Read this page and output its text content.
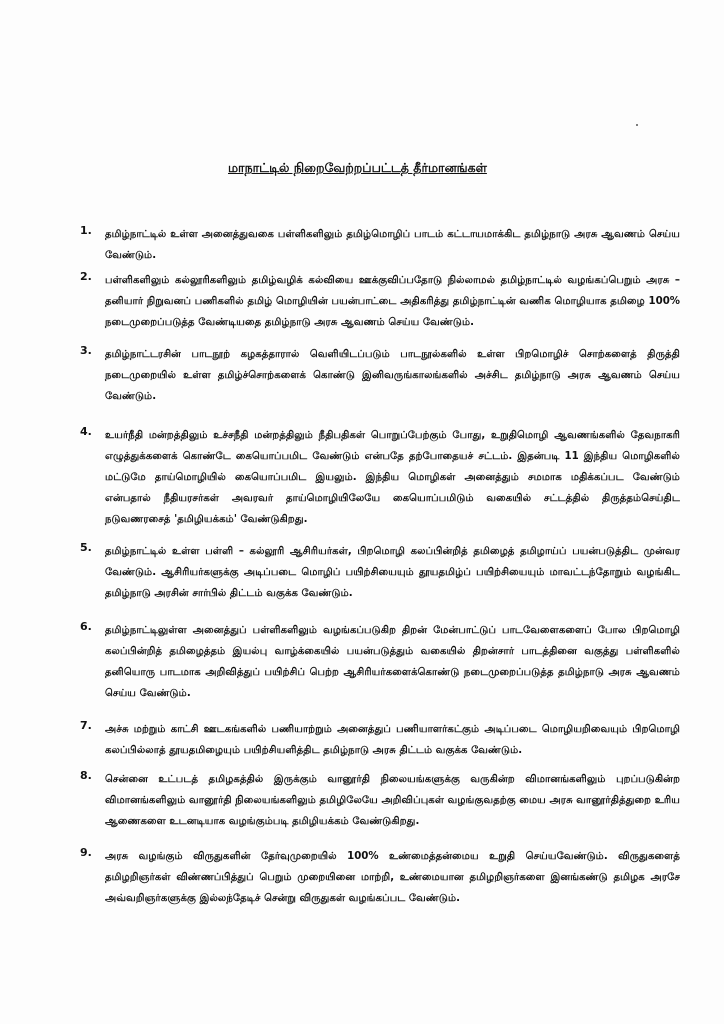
மாநாட்டில் நிறைவேற்றப்பட்டத் தீர்மானங்கள்
1.	தமிழ்நாட்டில் உள்ள அனைத்துவகை பள்ளிகளிலும் தமிழ்மொழிப் பாடம் கட்டாயமாக்கிட தமிழ்நாடு அரசு ஆவணம் செய்ய வேண்டும்.
2.	பள்ளிகளிலும் கல்லூரிகளிலும் தமிழ்வழிக் கல்வியை ஊக்குவிப்பதோடு நில்லாமல் தமிழ்நாட்டில் வழங்கப்பெறும் அரசு – தனியார் நிறுவனப் பணிகளில் தமிழ் மொழியின் பயன்பாட்டை அதிகரித்து தமிழ்நாட்டின் வணிக மொழியாக தமிழை 100% நடைமுறைப்படுத்த வேண்டியதை தமிழ்நாடு அரசு ஆவணம் செய்ய வேண்டும்.
3.	தமிழ்நாட்டரசின் பாடநூற் கழகத்தாரால் வெளியிடப்படும் பாடநூல்களில் உள்ள பிறமொழிச் சொற்களைத் திருத்தி நடைமுறையில் உள்ள தமிழ்ச்சொற்களைக் கொண்டு இனிவருங்காலங்களில் அச்சிட தமிழ்நாடு அரசு ஆவணம் செய்ய வேண்டும்.
4.	உயர்நீதி மன்றத்திலும் உச்சநீதி மன்றத்திலும் நீதிபதிகள் பொறுப்பேற்கும் போது, உறுதிமொழி ஆவணங்களில் தேவநாகரி எழுத்துக்களைக் கொண்டே கையொப்பமிட வேண்டும் என்பதே தற்போதையச் சட்டம். இதன்படி 11 இந்திய மொழிகளில் மட்டுமே தாய்மொழியில் கையொப்பமிட இயலும். இந்திய மொழிகள் அனைத்தும் சமமாக மதிக்கப்பட வேண்டும் என்பதால் நீதியரசர்கள் அவரவர் தாய்மொழியிலேயே கையொப்பமிடும் வகையில் சட்டத்தில் திருத்தம்செய்திட நடுவணரசைத் 'தமிழியக்கம்' வேண்டுகிறது.
5.	தமிழ்நாட்டில் உள்ள பள்ளி – கல்லூரி ஆசிரியர்கள், பிறமொழி கலப்பின்றித் தமிழைத் தமிழாய்ப் பயன்படுத்திட முன்வர வேண்டும். ஆசிரியர்களுக்கு அடிப்படை மொழிப் பயிற்சியையும் தூயதமிழ்ப் பயிற்சியையும் மாவட்டந்தோறும் வழங்கிட தமிழ்நாடு அரசின் சார்பில் திட்டம் வகுக்க வேண்டும்.
6.	தமிழ்நாட்டிலுள்ள அனைத்துப் பள்ளிகளிலும் வழங்கப்படுகிற திறன் மேன்பாட்டுப் பாடவேளைகளைப் போல பிறமொழி கலப்பின்றித் தமிழைத்தம் இயல்பு வாழ்க்கையில் பயன்படுத்தும் வகையில் திறன்சார் பாடத்தினை வகுத்து பள்ளிகளில் தனியொரு பாடமாக அறிவித்துப் பயிற்சிப் பெற்ற ஆசிரியர்களைக்கொண்டு நடைமுறைப்படுத்த தமிழ்நாடு அரசு ஆவணம் செய்ய வேண்டும்.
7.	அச்சு மற்றும் காட்சி ஊடகங்களில் பணியாற்றும் அனைத்துப் பணியாளர்கட்கும் அடிப்படை மொழியறிவையும் பிறமொழி கலப்பில்லாத் தூயதமிழையும் பயிற்சியளித்திட தமிழ்நாடு அரசு திட்டம் வகுக்க வேண்டும்.
8.	சென்னை உட்படத் தமிழகத்தில் இருக்கும் வானூர்தி நிலையங்களுக்கு வருகின்ற விமானங்களிலும் புறப்படுகின்ற விமானங்களிலும் வானூர்தி நிலையங்களிலும் தமிழிலேயே அறிவிப்புகள் வழங்குவதற்கு மைய அரசு வானூர்தித்துறை உரிய ஆணைகளை உடனடியாக வழங்கும்படி தமிழியக்கம் வேண்டுகிறது.
9.	அரசு வழங்கும் விருதுகளின் தேர்வுமுறையில் 100% உண்மைத்தன்மைய உறுதி செய்யவேண்டும். விருதுகளைத் தமிழறிஞர்கள் விண்ணப்பித்துப் பெறும் முறையினை மாற்றி, உண்மையான தமிழறிஞர்களை இனங்கண்டு தமிழக அரசே அவ்வறிஞர்களுக்கு இல்லந்தேடிச் சென்று விருதுகள் வழங்கப்பட வேண்டும்.
